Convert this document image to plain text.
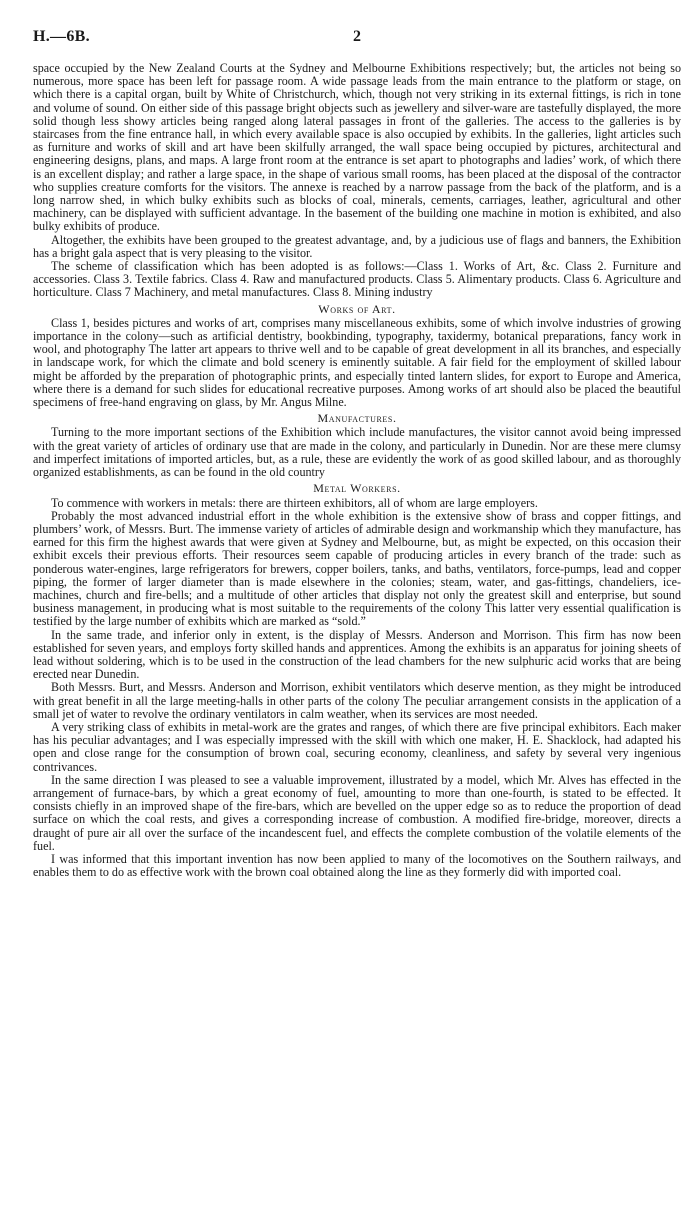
H.—6B.	2

space occupied by the New Zealand Courts at the Sydney and Melbourne Exhibitions respectively; but, the articles not being so numerous, more space has been left for passage room. A wide passage leads from the main entrance to the platform or stage, on which there is a capital organ, built by White of Christchurch, which, though not very striking in its external fittings, is rich in tone and volume of sound. On either side of this passage bright objects such as jewellery and silver-ware are tastefully displayed, the more solid though less showy articles being ranged along lateral passages in front of the galleries. The access to the galleries is by staircases from the fine entrance hall, in which every available space is also occupied by exhibits. In the galleries, light articles such as furniture and works of skill and art have been skilfully arranged, the wall space being occupied by pictures, architectural and engineering designs, plans, and maps. A large front room at the entrance is set apart to photographs and ladies’ work, of which there is an excellent display; and rather a large space, in the shape of various small rooms, has been placed at the disposal of the contractor who supplies creature comforts for the visitors. The annexe is reached by a narrow passage from the back of the platform, and is a long narrow shed, in which bulky exhibits such as blocks of coal, minerals, cements, carriages, leather, agricultural and other machinery, can be displayed with sufficient advantage. In the basement of the building one machine in motion is exhibited, and also bulky exhibits of produce.

Altogether, the exhibits have been grouped to the greatest advantage, and, by a judicious use of flags and banners, the Exhibition has a bright gala aspect that is very pleasing to the visitor.

The scheme of classification which has been adopted is as follows:—Class 1. Works of Art, &c. Class 2. Furniture and accessories. Class 3. Textile fabrics. Class 4. Raw and manufactured products. Class 5. Alimentary products. Class 6. Agriculture and horticulture. Class 7 Machinery, and metal manufactures. Class 8. Mining industry

Works of Art.

Class 1, besides pictures and works of art, comprises many miscellaneous exhibits, some of which involve industries of growing importance in the colony—such as artificial dentistry, bookbinding, typography, taxidermy, botanical preparations, fancy work in wool, and photography The latter art appears to thrive well and to be capable of great development in all its branches, and especially in landscape work, for which the climate and bold scenery is eminently suitable. A fair field for the employment of skilled labour might be afforded by the preparation of photographic prints, and especially tinted lantern slides, for export to Europe and America, where there is a demand for such slides for educational recreative purposes. Among works of art should also be placed the beautiful specimens of free-hand engraving on glass, by Mr. Angus Milne.

Manufactures.

Turning to the more important sections of the Exhibition which include manufactures, the visitor cannot avoid being impressed with the great variety of articles of ordinary use that are made in the colony, and particularly in Dunedin. Nor are these mere clumsy and imperfect imitations of imported articles, but, as a rule, these are evidently the work of as good skilled labour, and as thoroughly organized establishments, as can be found in the old country

Metal Workers.

To commence with workers in metals: there are thirteen exhibitors, all of whom are large employers.

Probably the most advanced industrial effort in the whole exhibition is the extensive show of brass and copper fittings, and plumbers’ work, of Messrs. Burt. The immense variety of articles of admirable design and workmanship which they manufacture, has earned for this firm the highest awards that were given at Sydney and Melbourne, but, as might be expected, on this occasion their exhibit excels their previous efforts. Their resources seem capable of producing articles in every branch of the trade: such as ponderous water-engines, large refrigerators for brewers, copper boilers, tanks, and baths, ventilators, force-pumps, lead and copper piping, the former of larger diameter than is made elsewhere in the colonies; steam, water, and gas-fittings, chandeliers, ice-machines, church and fire-bells; and a multitude of other articles that display not only the greatest skill and enterprise, but sound business management, in producing what is most suitable to the requirements of the colony This latter very essential qualification is testified by the large number of exhibits which are marked as “sold.”

In the same trade, and inferior only in extent, is the display of Messrs. Anderson and Morrison. This firm has now been established for seven years, and employs forty skilled hands and apprentices. Among the exhibits is an apparatus for joining sheets of lead without soldering, which is to be used in the construction of the lead chambers for the new sulphuric acid works that are being erected near Dunedin.

Both Messrs. Burt, and Messrs. Anderson and Morrison, exhibit ventilators which deserve mention, as they might be introduced with great benefit in all the large meeting-halls in other parts of the colony The peculiar arrangement consists in the application of a small jet of water to revolve the ordinary ventilators in calm weather, when its services are most needed.

A very striking class of exhibits in metal-work are the grates and ranges, of which there are five principal exhibitors. Each maker has his peculiar advantages; and I was especially impressed with the skill with which one maker, H. E. Shacklock, had adapted his open and close range for the consumption of brown coal, securing economy, cleanliness, and safety by several very ingenious contrivances.

In the same direction I was pleased to see a valuable improvement, illustrated by a model, which Mr. Alves has effected in the arrangement of furnace-bars, by which a great economy of fuel, amounting to more than one-fourth, is stated to be effected. It consists chiefly in an improved shape of the fire-bars, which are bevelled on the upper edge so as to reduce the proportion of dead surface on which the coal rests, and gives a corresponding increase of combustion. A modified fire-bridge, moreover, directs a draught of pure air all over the surface of the incandescent fuel, and effects the complete combustion of the volatile elements of the fuel.

I was informed that this important invention has now been applied to many of the locomotives on the Southern railways, and enables them to do as effective work with the brown coal obtained along the line as they formerly did with imported coal.
